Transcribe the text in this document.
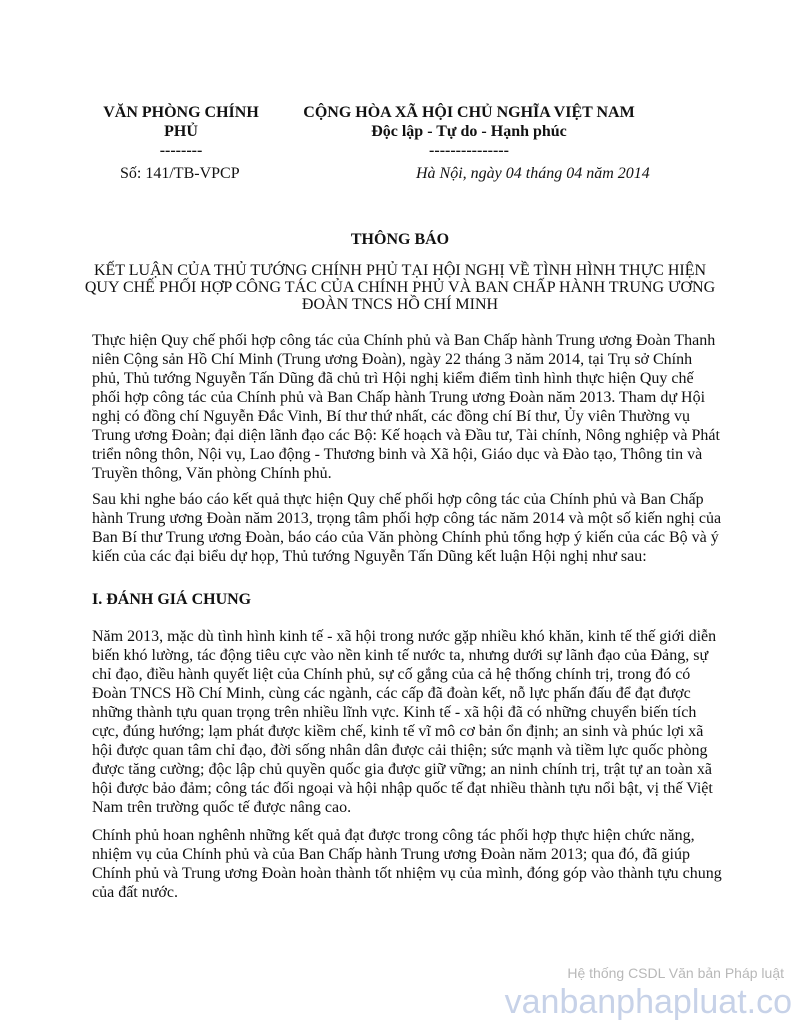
VĂN PHÒNG CHÍNH
PHỦ
--------
CỘNG HÒA XÃ HỘI CHỦ NGHĨA VIỆT NAM
Độc lập - Tự do - Hạnh phúc
---------------
Số: 141/TB-VPCP	Hà Nội, ngày 04 tháng 04 năm 2014
THÔNG BÁO
KẾT LUẬN CỦA THỦ TƯỚNG CHÍNH PHỦ TẠI HỘI NGHỊ VỀ TÌNH HÌNH THỰC HIỆN QUY CHẾ PHỐI HỢP CÔNG TÁC CỦA CHÍNH PHỦ VÀ BAN CHẤP HÀNH TRUNG ƯƠNG ĐOÀN TNCS HỒ CHÍ MINH

Thực hiện Quy chế phối hợp công tác của Chính phủ và Ban Chấp hành Trung ương Đoàn Thanh niên Cộng sản Hồ Chí Minh (Trung ương Đoàn), ngày 22 tháng 3 năm 2014, tại Trụ sở Chính phủ, Thủ tướng Nguyễn Tấn Dũng đã chủ trì Hội nghị kiểm điểm tình hình thực hiện Quy chế phối hợp công tác của Chính phủ và Ban Chấp hành Trung ương Đoàn năm 2013. Tham dự Hội nghị có đồng chí Nguyễn Đắc Vinh, Bí thư thứ nhất, các đồng chí Bí thư, Ủy viên Thường vụ Trung ương Đoàn; đại diện lãnh đạo các Bộ: Kế hoạch và Đầu tư, Tài chính, Nông nghiệp và Phát triển nông thôn, Nội vụ, Lao động - Thương binh và Xã hội, Giáo dục và Đào tạo, Thông tin và Truyền thông, Văn phòng Chính phủ.

Sau khi nghe báo cáo kết quả thực hiện Quy chế phối hợp công tác của Chính phủ và Ban Chấp hành Trung ương Đoàn năm 2013, trọng tâm phối hợp công tác năm 2014 và một số kiến nghị của Ban Bí thư Trung ương Đoàn, báo cáo của Văn phòng Chính phủ tổng hợp ý kiến của các Bộ và ý kiến của các đại biểu dự họp, Thủ tướng Nguyễn Tấn Dũng kết luận Hội nghị như sau:

I. ĐÁNH GIÁ CHUNG

Năm 2013, mặc dù tình hình kinh tế - xã hội trong nước gặp nhiều khó khăn, kinh tế thế giới diễn biến khó lường, tác động tiêu cực vào nền kinh tế nước ta, nhưng dưới sự lãnh đạo của Đảng, sự chỉ đạo, điều hành quyết liệt của Chính phủ, sự cố gắng của cả hệ thống chính trị, trong đó có Đoàn TNCS Hồ Chí Minh, cùng các ngành, các cấp đã đoàn kết, nỗ lực phấn đấu để đạt được những thành tựu quan trọng trên nhiều lĩnh vực. Kinh tế - xã hội đã có những chuyển biến tích cực, đúng hướng; lạm phát được kiềm chế, kinh tế vĩ mô cơ bản ổn định; an sinh và phúc lợi xã hội được quan tâm chỉ đạo, đời sống nhân dân được cải thiện; sức mạnh và tiềm lực quốc phòng được tăng cường; độc lập chủ quyền quốc gia được giữ vững; an ninh chính trị, trật tự an toàn xã hội được bảo đảm; công tác đối ngoại và hội nhập quốc tế đạt nhiều thành tựu nổi bật, vị thế Việt Nam trên trường quốc tế được nâng cao.

Chính phủ hoan nghênh những kết quả đạt được trong công tác phối hợp thực hiện chức năng, nhiệm vụ của Chính phủ và của Ban Chấp hành Trung ương Đoàn năm 2013; qua đó, đã giúp Chính phủ và Trung ương Đoàn hoàn thành tốt nhiệm vụ của mình, đóng góp vào thành tựu chung của đất nước.

Hệ thống CSDL Văn bản Pháp luật
vanbanphapluat.co
